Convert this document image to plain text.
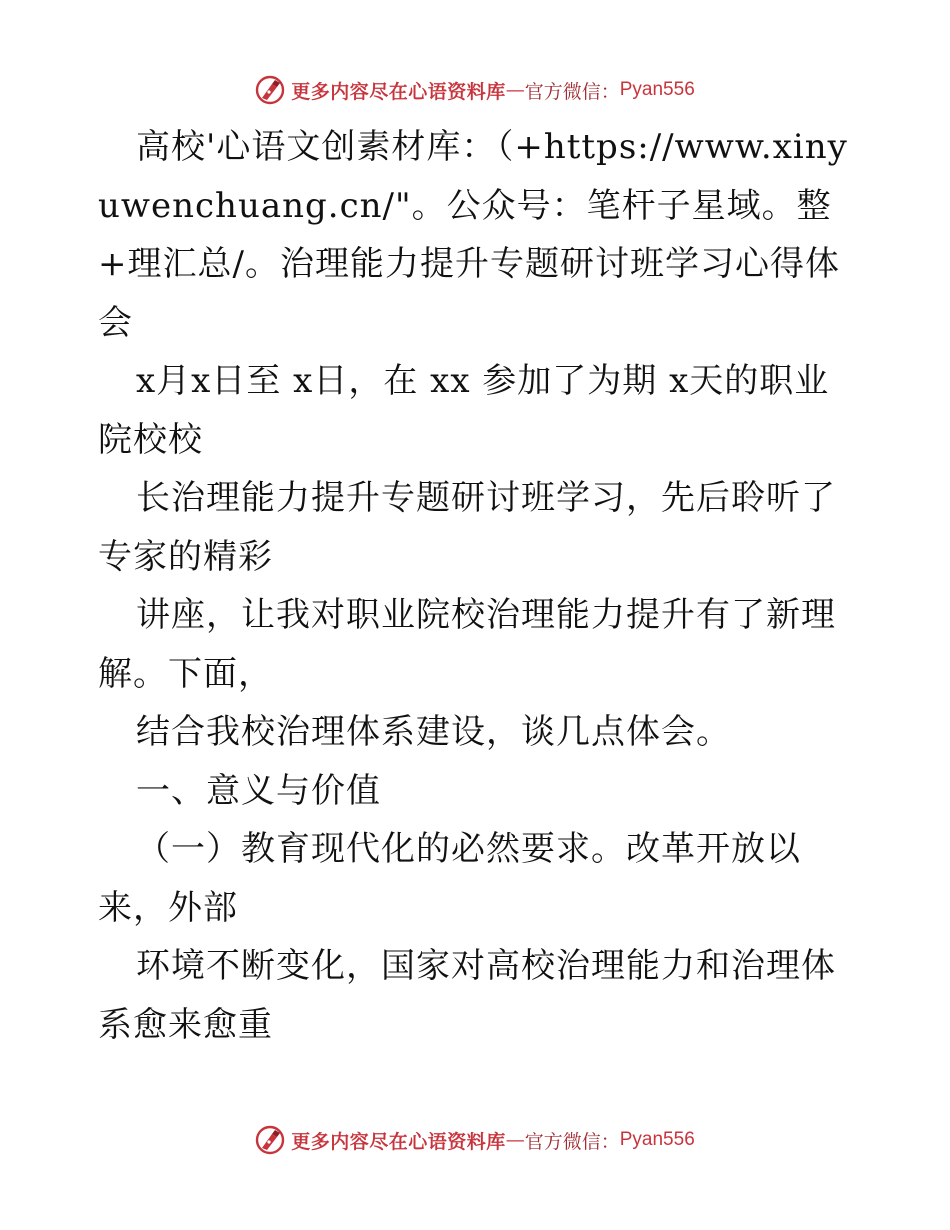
更多内容尽在心语资料库 — 官方微信： Pyan556

高校'心语文创素材库：（+https://www.xinyuwenchuang.cn/"。公众号：笔杆子星域。整+理汇总/。治理能力提升专题研讨班学习心得体会

x月x日至 x日，在 xx 参加了为期 x天的职业院校校

长治理能力提升专题研讨班学习，先后聆听了专家的精彩

讲座，让我对职业院校治理能力提升有了新理解。下面，

结合我校治理体系建设，谈几点体会。

一、意义与价值

（一）教育现代化的必然要求。改革开放以来，外部

环境不断变化，国家对高校治理能力和治理体系愈来愈重

更多内容尽在心语资料库 — 官方微信： Pyan556
